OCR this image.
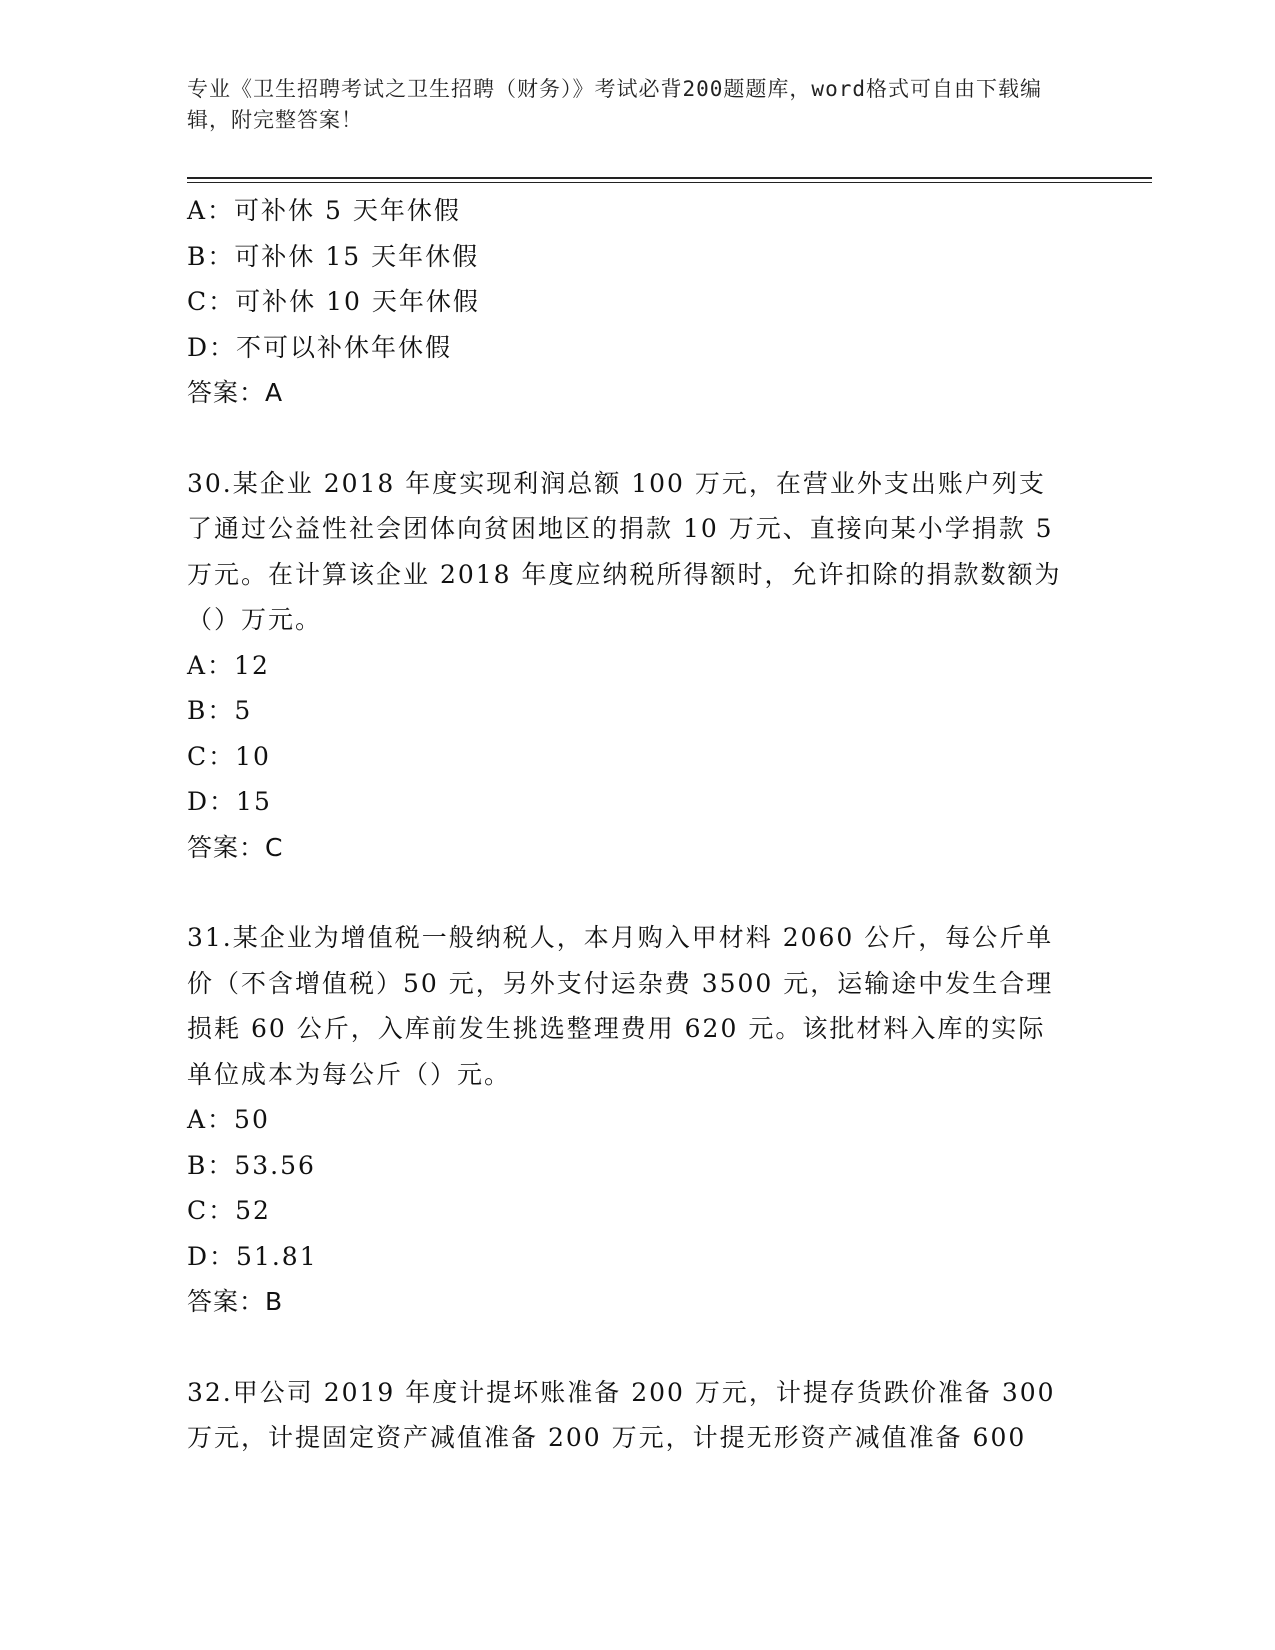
专业《卫生招聘考试之卫生招聘（财务）》考试必背200题题库，word格式可自由下载编辑，附完整答案！
A：可补休 5 天年休假
B：可补休 15 天年休假
C：可补休 10 天年休假
D：不可以补休年休假
答案：A
30.某企业 2018 年度实现利润总额 100 万元，在营业外支出账户列支了通过公益性社会团体向贫困地区的捐款 10 万元、直接向某小学捐款 5 万元。在计算该企业 2018 年度应纳税所得额时，允许扣除的捐款数额为（）万元。
A：12
B：5
C：10
D：15
答案：C
31.某企业为增值税一般纳税人，本月购入甲材料 2060 公斤，每公斤单价（不含增值税）50 元，另外支付运杂费 3500 元，运输途中发生合理损耗 60 公斤，入库前发生挑选整理费用 620 元。该批材料入库的实际单位成本为每公斤（）元。
A：50
B：53.56
C：52
D：51.81
答案：B
32.甲公司 2019 年度计提坏账准备 200 万元，计提存货跌价准备 300 万元，计提固定资产减值准备 200 万元，计提无形资产减值准备 600
